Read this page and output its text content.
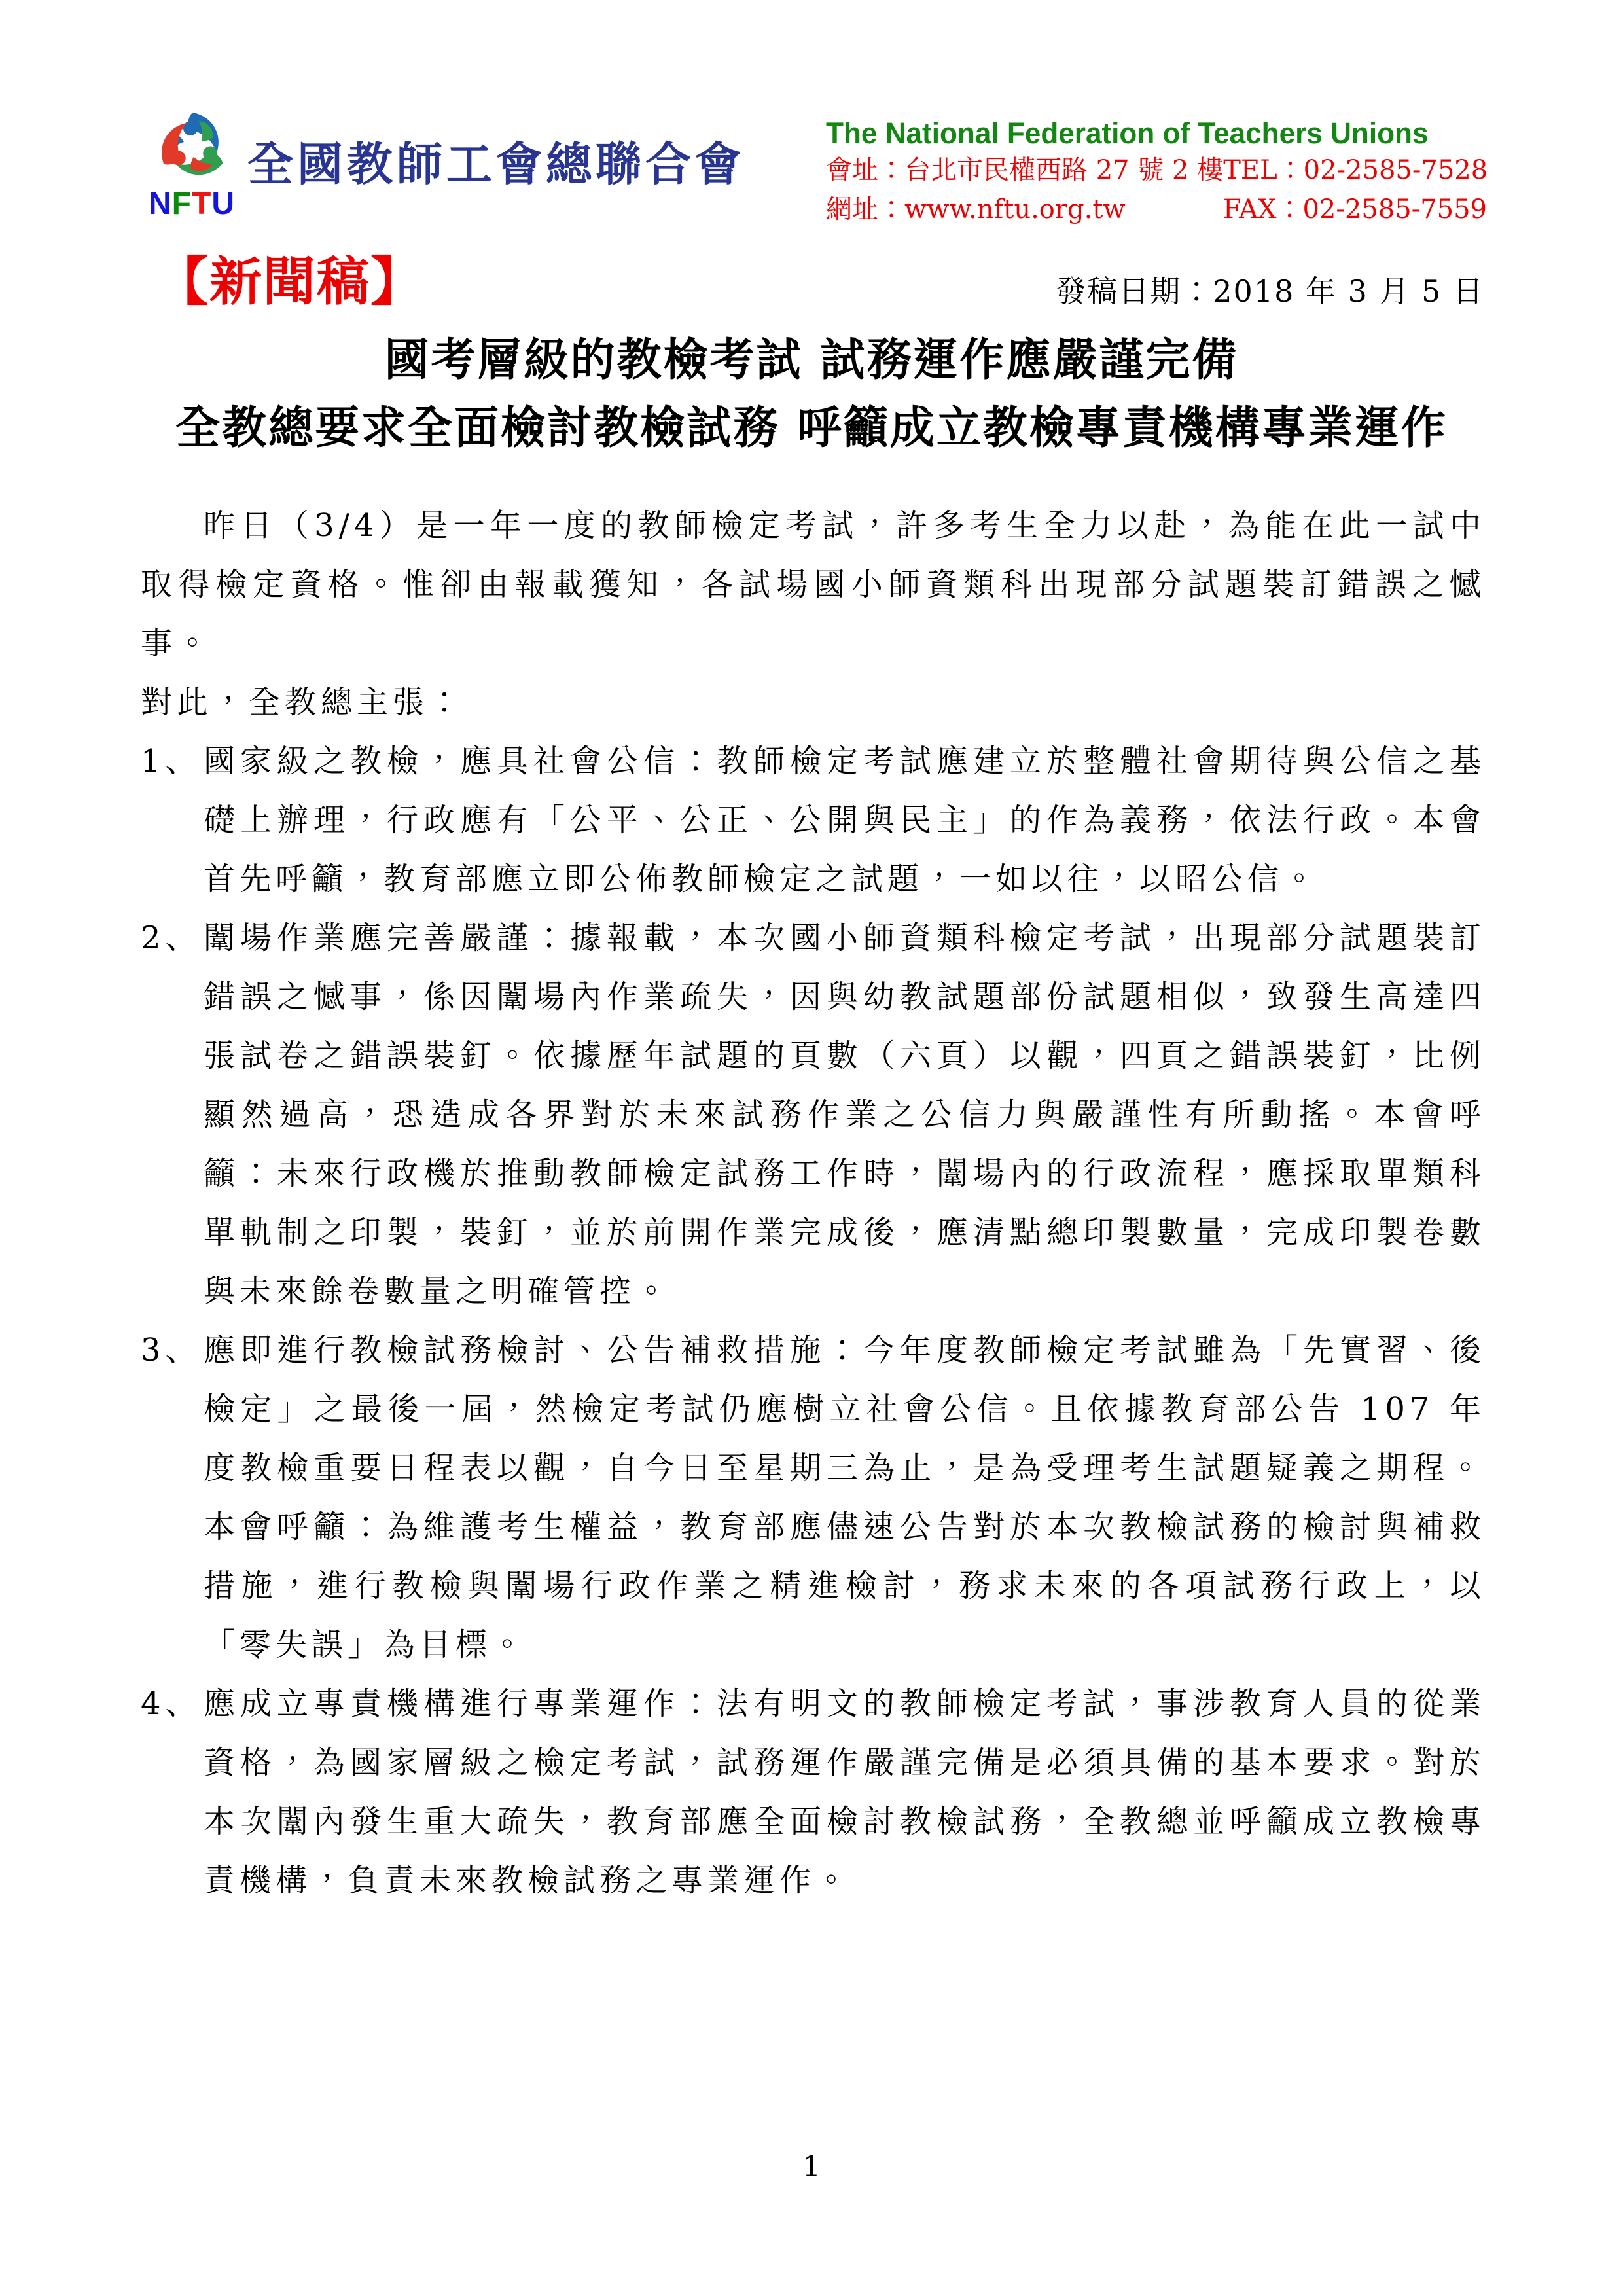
NFTU
全國教師工會總聯合會
The National Federation of Teachers Unions
會址：台北市民權西路 27 號 2 樓 TEL：02-2585-7528
網址：www.nftu.org.tw	FAX：02-2585-7559
【新聞稿】	發稿日期：2018 年 3 月 5 日
國考層級的教檢考試 試務運作應嚴謹完備
全教總要求全面檢討教檢試務 呼籲成立教檢專責機構專業運作

昨日（3/4）是一年一度的教師檢定考試，許多考生全力以赴，為能在此一試中取得檢定資格。惟卻由報載獲知，各試場國小師資類科出現部分試題裝訂錯誤之憾事。

對此，全教總主張：

1、 國家級之教檢，應具社會公信：教師檢定考試應建立於整體社會期待與公信之基礎上辦理，行政應有「公平、公正、公開與民主」的作為義務，依法行政。本會首先呼籲，教育部應立即公佈教師檢定之試題，一如以往，以昭公信。

2、 闈場作業應完善嚴謹：據報載，本次國小師資類科檢定考試，出現部分試題裝訂錯誤之憾事，係因闈場內作業疏失，因與幼教試題部份試題相似，致發生高達四張試卷之錯誤裝釘。依據歷年試題的頁數（六頁）以觀，四頁之錯誤裝釘，比例顯然過高，恐造成各界對於未來試務作業之公信力與嚴謹性有所動搖。本會呼籲：未來行政機於推動教師檢定試務工作時，闈場內的行政流程，應採取單類科單軌制之印製，裝釘，並於前開作業完成後，應清點總印製數量，完成印製卷數與未來餘卷數量之明確管控。

3、 應即進行教檢試務檢討、公告補救措施：今年度教師檢定考試雖為「先實習、後檢定」之最後一屆，然檢定考試仍應樹立社會公信。且依據教育部公告 107 年度教檢重要日程表以觀，自今日至星期三為止，是為受理考生試題疑義之期程。本會呼籲：為維護考生權益，教育部應儘速公告對於本次教檢試務的檢討與補救措施，進行教檢與闈場行政作業之精進檢討，務求未來的各項試務行政上，以「零失誤」為目標。

4、 應成立專責機構進行專業運作：法有明文的教師檢定考試，事涉教育人員的從業資格，為國家層級之檢定考試，試務運作嚴謹完備是必須具備的基本要求。對於本次闈內發生重大疏失，教育部應全面檢討教檢試務，全教總並呼籲成立教檢專責機構，負責未來教檢試務之專業運作。

1
